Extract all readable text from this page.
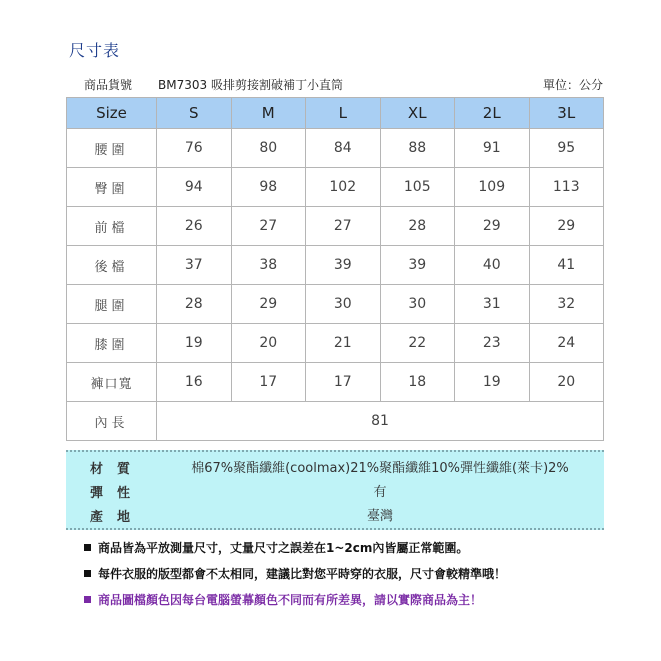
尺寸表
商品貨號 BM7303 吸排剪接割破補丁小直筒	單位：公分
Size	S	M	L	XL	2L	3L
腰圍	76	80	84	88	91	95
臀圍	94	98	102	105	109	113
前檔	26	27	27	28	29	29
後檔	37	38	39	39	40	41
腿圍	28	29	30	30	31	32
膝圍	19	20	21	22	23	24
褲口寬	16	17	17	18	19	20
內長	81					
材質	棉67%聚酯纖維(coolmax)21%聚酯纖維10%彈性纖維(萊卡)2%
彈性	有
產地	臺灣
商品皆為平放測量尺寸，丈量尺寸之誤差在1~2cm內皆屬正常範圍。
每件衣服的版型都會不太相同，建議比對您平時穿的衣服，尺寸會較精準哦！
商品圖檔顏色因每台電腦螢幕顏色不同而有所差異，請以實際商品為主！
